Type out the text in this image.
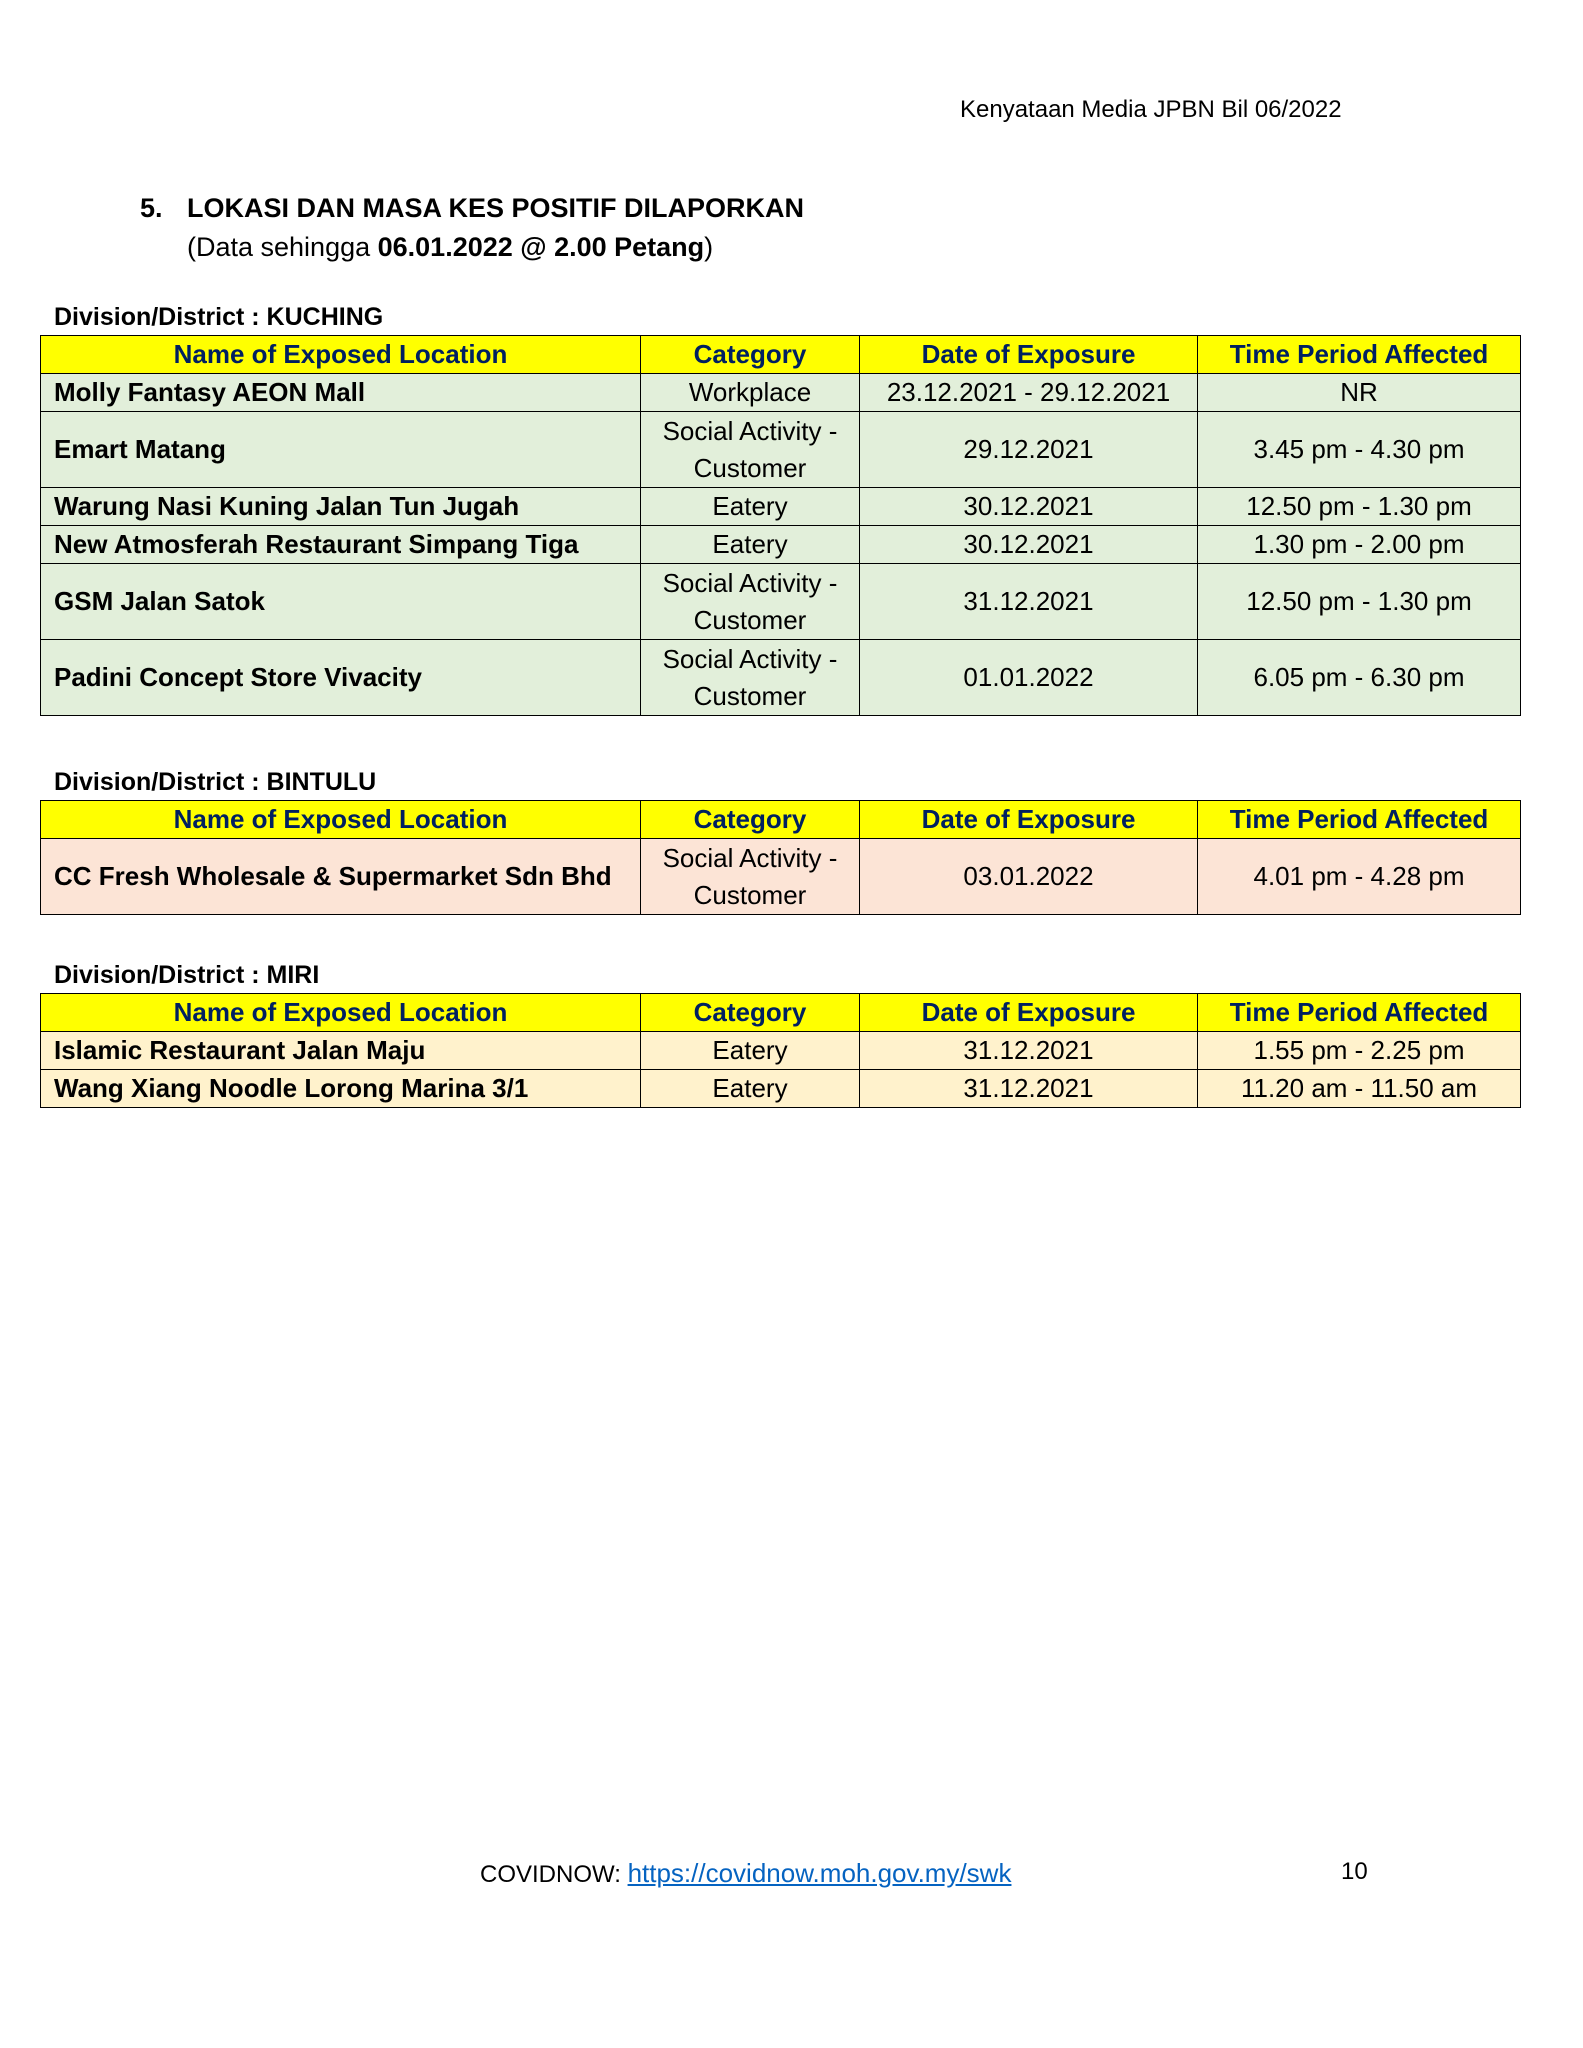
Kenyataan Media JPBN Bil 06/2022
5. LOKASI DAN MASA KES POSITIF DILAPORKAN
(Data sehingga 06.01.2022 @ 2.00 Petang)
Division/District : KUCHING
Name of Exposed Location	Category	Date of Exposure	Time Period Affected
Molly Fantasy AEON Mall	Workplace	23.12.2021 - 29.12.2021	NR
Emart Matang	Social Activity -
Customer	29.12.2021	3.45 pm - 4.30 pm
Warung Nasi Kuning Jalan Tun Jugah	Eatery	30.12.2021	12.50 pm - 1.30 pm
New Atmosferah Restaurant Simpang Tiga	Eatery	30.12.2021	1.30 pm - 2.00 pm
GSM Jalan Satok	Social Activity -
Customer	31.12.2021	12.50 pm - 1.30 pm
Padini Concept Store Vivacity	Social Activity -
Customer	01.01.2022	6.05 pm - 6.30 pm
Division/District : BINTULU
Name of Exposed Location	Category	Date of Exposure	Time Period Affected
CC Fresh Wholesale & Supermarket Sdn Bhd	Social Activity -
Customer	03.01.2022	4.01 pm - 4.28 pm
Division/District : MIRI
Name of Exposed Location	Category	Date of Exposure	Time Period Affected
Islamic Restaurant Jalan Maju	Eatery	31.12.2021	1.55 pm - 2.25 pm
Wang Xiang Noodle Lorong Marina 3/1	Eatery	31.12.2021	11.20 am - 11.50 am
COVIDNOW: https://covidnow.moh.gov.my/swk	10
